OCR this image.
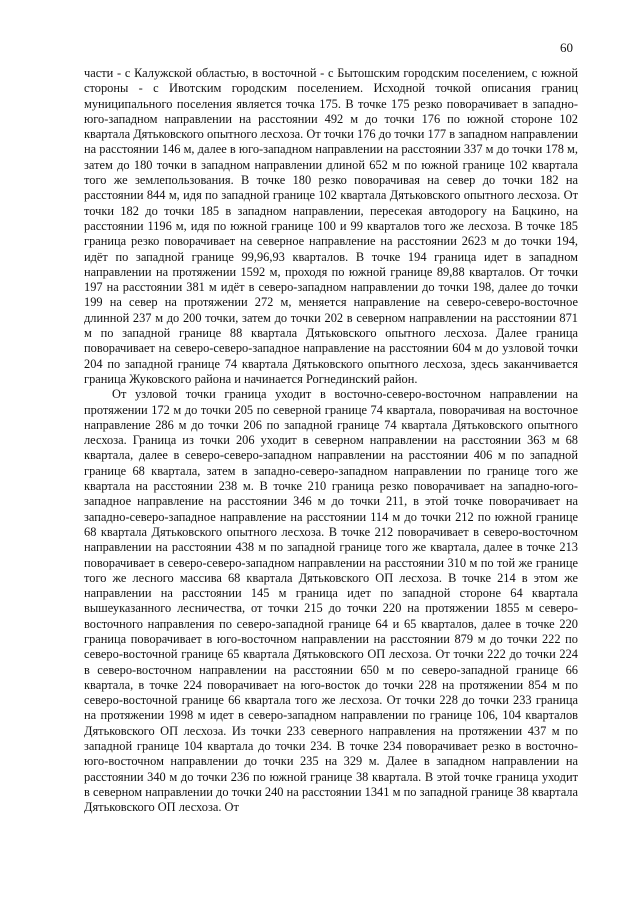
60

части - с Калужской областью, в восточной - с Бытошским городским поселением, с южной стороны - с Ивотским городским поселением. Исходной точкой описания границ муниципального поселения является точка 175. В точке 175 резко поворачивает в западно-юго-западном направлении на расстоянии 492 м до точки 176 по южной стороне 102 квартала Дятьковского опытного лесхоза. От точки 176 до точки 177 в западном направлении на расстоянии 146 м, далее в юго-западном направлении на расстоянии 337 м до точки 178 м, затем до 180 точки в западном направлении длиной 652 м по южной границе 102 квартала того же землепользования. В точке 180 резко поворачивая на север до точки 182 на расстоянии 844 м, идя по западной границе 102 квартала Дятьковского опытного лесхоза. От точки 182 до точки 185 в западном направлении, пересекая автодорогу на Бацкино, на расстоянии 1196 м, идя по южной границе 100 и 99 кварталов того же лесхоза. В точке 185 граница резко поворачивает на северное направление на расстоянии 2623 м до точки 194, идёт по западной границе 99,96,93 кварталов. В точке 194 граница идет в западном направлении на протяжении 1592 м, проходя по южной границе 89,88 кварталов. От точки 197 на расстоянии 381 м идёт в северо-западном направлении до точки 198, далее до точки 199 на север на протяжении 272 м, меняется направление на северо-северо-восточное длинной 237 м до 200 точки, затем до точки 202 в северном направлении на расстоянии 871 м по западной границе 88 квартала Дятьковского опытного лесхоза. Далее граница поворачивает на северо-северо-западное направление на расстоянии 604 м до узловой точки 204 по западной границе 74 квартала Дятьковского опытного лесхоза, здесь заканчивается граница Жуковского района и начинается Рогнединский район.

От узловой точки граница уходит в восточно-северо-восточном направлении на протяжении 172 м до точки 205 по северной границе 74 квартала, поворачивая на восточное направление 286 м до точки 206 по западной границе 74 квартала Дятьковского опытного лесхоза. Граница из точки 206 уходит в северном направлении на расстоянии 363 м 68 квартала, далее в северо-северо-западном направлении на расстоянии 406 м по западной границе 68 квартала, затем в западно-северо-западном направлении по границе того же квартала на расстоянии 238 м. В точке 210 граница резко поворачивает на западно-юго-западное направление на расстоянии 346 м до точки 211, в этой точке поворачивает на западно-северо-западное направление на расстоянии 114 м до точки 212 по южной границе 68 квартала Дятьковского опытного лесхоза. В точке 212 поворачивает в северо-восточном направлении на расстоянии 438 м по западной границе того же квартала, далее в точке 213 поворачивает в северо-северо-западном направлении на расстоянии 310 м по той же границе того же лесного массива 68 квартала Дятьковского ОП лесхоза. В точке 214 в этом же направлении на расстоянии 145 м граница идет по западной стороне 64 квартала вышеуказанного лесничества, от точки 215 до точки 220 на протяжении 1855 м северо-восточного направления по северо-западной границе 64 и 65 кварталов, далее в точке 220 граница поворачивает в юго-восточном направлении на расстоянии 879 м до точки 222 по северо-восточной границе 65 квартала Дятьковского ОП лесхоза. От точки 222 до точки 224 в северо-восточном направлении на расстоянии 650 м по северо-западной границе 66 квартала, в точке 224 поворачивает на юго-восток до точки 228 на протяжении 854 м по северо-восточной границе 66 квартала того же лесхоза. От точки 228 до точки 233 граница на протяжении 1998 м идет в северо-западном направлении по границе 106, 104 кварталов Дятьковского ОП лесхоза. Из точки 233 северного направления на протяжении 437 м по западной границе 104 квартала до точки 234. В точке 234 поворачивает резко в восточно-юго-восточном направлении до точки 235 на 329 м. Далее в западном направлении на расстоянии 340 м до точки 236 по южной границе 38 квартала. В этой точке граница уходит в северном направлении до точки 240 на расстоянии 1341 м по западной границе 38 квартала Дятьковского ОП лесхоза. От
